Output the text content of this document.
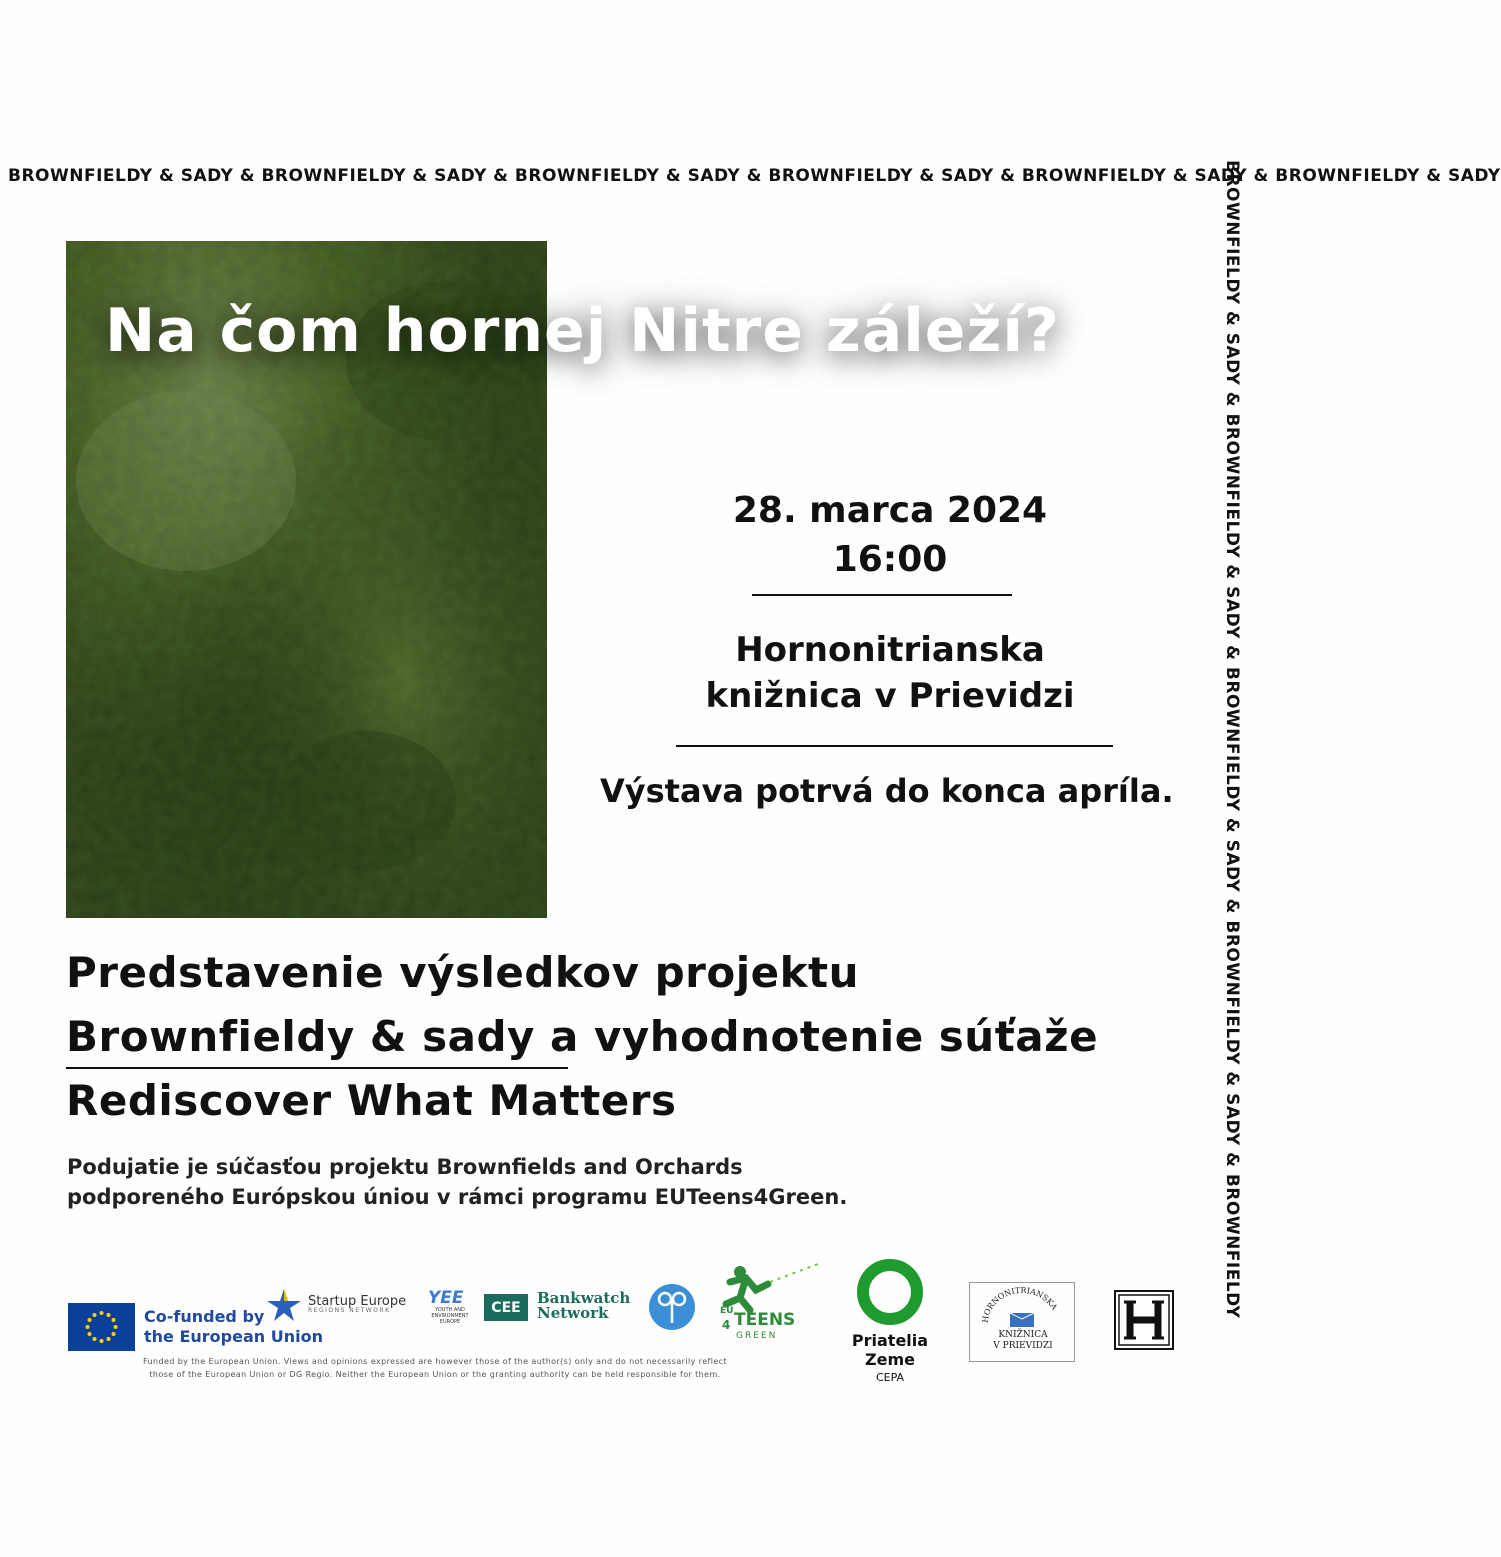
BROWNFIELDY & SADY & BROWNFIELDY & SADY & BROWNFIELDY & SADY & BROWNFIELDY & SADY & BROWNFIELDY & SADY & BROWNFIELDY & SADY
BROWNFIELDY & SADY & BROWNFIELDY & SADY & BROWNFIELDY & SADY & BROWNFIELDY & SADY & BROWNFIELDY
Na čom hornej Nitre záleží?
28. marca 2024
16:00
Hornonitrianska
knižnica v Prievidzi
Výstava potrvá do konca apríla.
Predstavenie výsledkov projektu
Brownfieldy & sady a vyhodnotenie súťaže
Rediscover What Matters
Podujatie je súčasťou projektu Brownfields and Orchards
podporeného Európskou úniou v rámci programu EUTeens4Green.
Co-funded by
the European Union
Startup Europe
REGIONS NETWORK
YEE
YOUTH AND ENVIRONMENT EUROPE
CEE
Bankwatch
Network	EU TEENS
4
GREEN	Priatelia
Zeme
CEPA
HORNONITRIANSKA
KNIŽNICA
V PRIEVIDZI
Funded by the European Union. Views and opinions expressed are however those of the author(s) only and do not necessarily reflect
those of the European Union or DG Regio. Neither the European Union or the granting authority can be held responsible for them.
